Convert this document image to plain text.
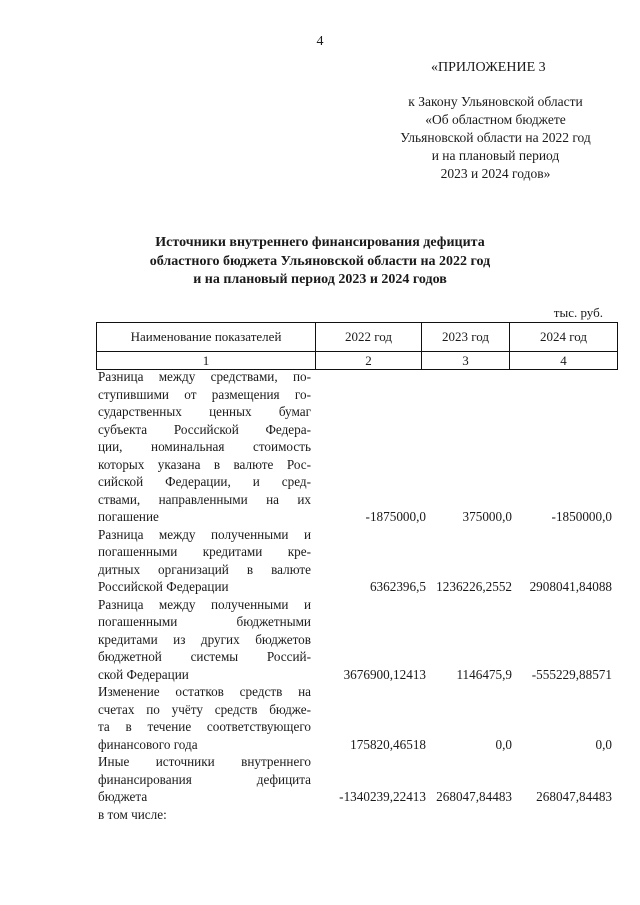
4
«ПРИЛОЖЕНИЕ 3
к Закону Ульяновской области
«Об областном бюджете
Ульяновской области на 2022 год
и на плановый период
2023 и 2024 годов»
Источники внутреннего финансирования дефицита
областного бюджета Ульяновской области на 2022 год
и на плановый период 2023 и 2024 годов
тыс. руб.
Наименование показателей	2022 год	2023 год	2024 год
1	2	3	4
Разница между средствами, по-
ступившими от размещения го-
сударственных ценных бумаг
субъекта Российской Федера-
ции, номинальная стоимость
которых указана в валюте Рос-
сийской Федерации, и сред-
ствами, направленными на их
погашение	-1875000,0	375000,0	-1850000,0
Разница между полученными и
погашенными кредитами кре-
дитных организаций в валюте
Российской Федерации	6362396,5 1236226,2552 2908041,84088
Разница между полученными и
погашенными бюджетными
кредитами из других бюджетов
бюджетной системы Россий-
ской Федерации	3676900,12413 1146475,9 -555229,88571
Изменение остатков средств на
счетах по учёту средств бюдже-
та в течение соответствующего
финансового года	175820,46518	0,0	0,0
Иные источники внутреннего
финансирования дефицита
бюджета	-1340239,22413 268047,84483 268047,84483
в том числе:
